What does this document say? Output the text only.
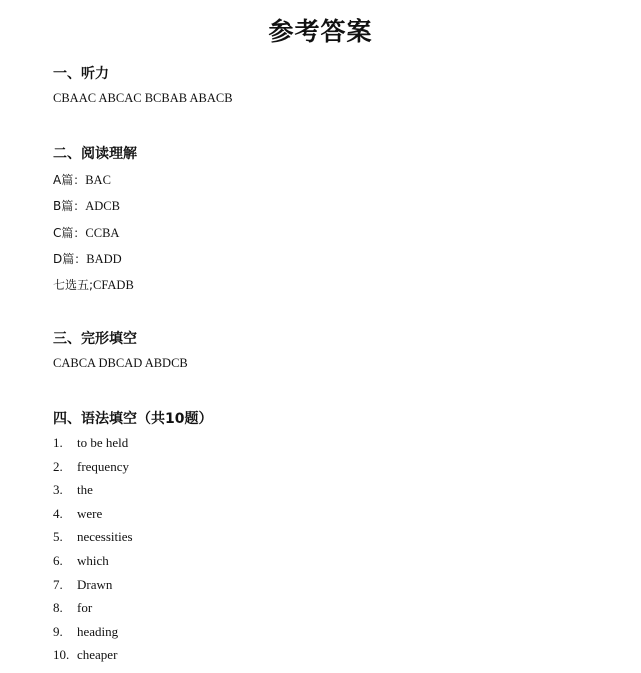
参考答案
一、听力
CBAAC ABCAC BCBAB ABACB
二、阅读理解
A篇：BAC
B篇：ADCB
C篇：CCBA
D篇：BADD
七选五;CFADB
三、完形填空
CABCA DBCAD ABDCB
四、语法填空（共10题）
1. to be held
2. frequency
3. the
4. were
5. necessities
6. which
7. Drawn
8. for
9. heading
10. cheaper
